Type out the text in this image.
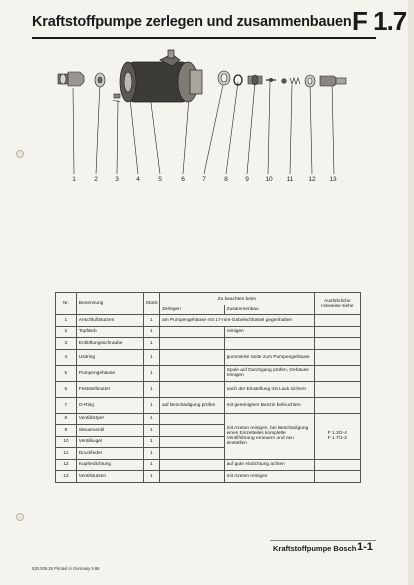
Kraftstoffpumpe zerlegen und zusammenbauen F 1.7
1	2	3	4	5	6	7	8	9	10	11	12	13
Nr.	Benennung	Stück	Zu beachten beim		Ausführliche Hinweise siehe
			Zerlegen	Zusammenbau	
1	Anschlußstutzen	1	am Pumpengehäuse mit 17-mm-Gabelschlüssel gegenhalten		
2	Topfsieb	1		reinigen	
3	Entlüftungsschraube	1			
4	Usitring	1		gummierte Seite zum Pumpengehäuse	
5	Pumpengehäuse	1		Spule auf Durchgang prüfen, Gehäuse reinigen	
6	Feststellmutter	1		nach der Einstellung mit Lack sichern	
7	O-Ring	1	auf Beschädigung prüfen	mit gereinigtem Benzin befeuchten	
8	Ventilkörper	1		mit Azeton reinigen, bei Beschädigung eines Einzelteiles komplette Ventilführung erneuern und neu einstellen	F 1.3/2-4
F 1.7/1-2

9	Steuerventil	1			
10	Ventilkugel	1			
11	Druckfeder	1			
12	Kupferdichtung	1		auf gute Abdichtung achten	
13	Ventilstutzen	1		mit Azeton reinigen	
Kraftstoffpumpe Bosch 1-1
530.006.35 Printed in Germany 9.68
